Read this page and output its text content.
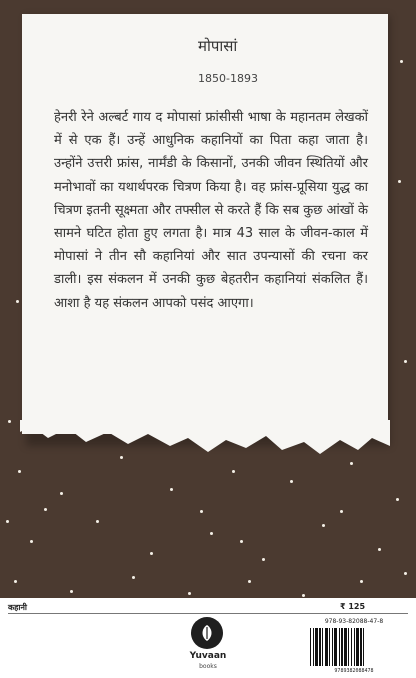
मोपासां
1850-1893
हेनरी रेने अल्बर्ट गाय द मोपासां फ्रांसीसी भाषा के महानतम लेखकों में से एक हैं। उन्हें आधुनिक कहानियों का पिता कहा जाता है। उन्होंने उत्तरी फ्रांस, नार्मंडी के किसानों, उनकी जीवन स्थितियों और मनोभावों का यथार्थपरक चित्रण किया है। वह फ्रांस-प्रूसिया युद्ध का चित्रण इतनी सूक्ष्मता और तफ्सील से करते हैं कि सब कुछ आंखों के सामने घटित होता हुए लगता है। मात्र 43 साल के जीवन-काल में मोपासां ने तीन सौ कहानियां और सात उपन्यासों की रचना कर डाली। इस संकलन में उनकी कुछ बेहतरीन कहानियां संकलित हैं। आशा है यह संकलन आपको पसंद आएगा।
कहानी	₹ 125
Yuvaan
books
978-93-82088-47-8
9789382088478
